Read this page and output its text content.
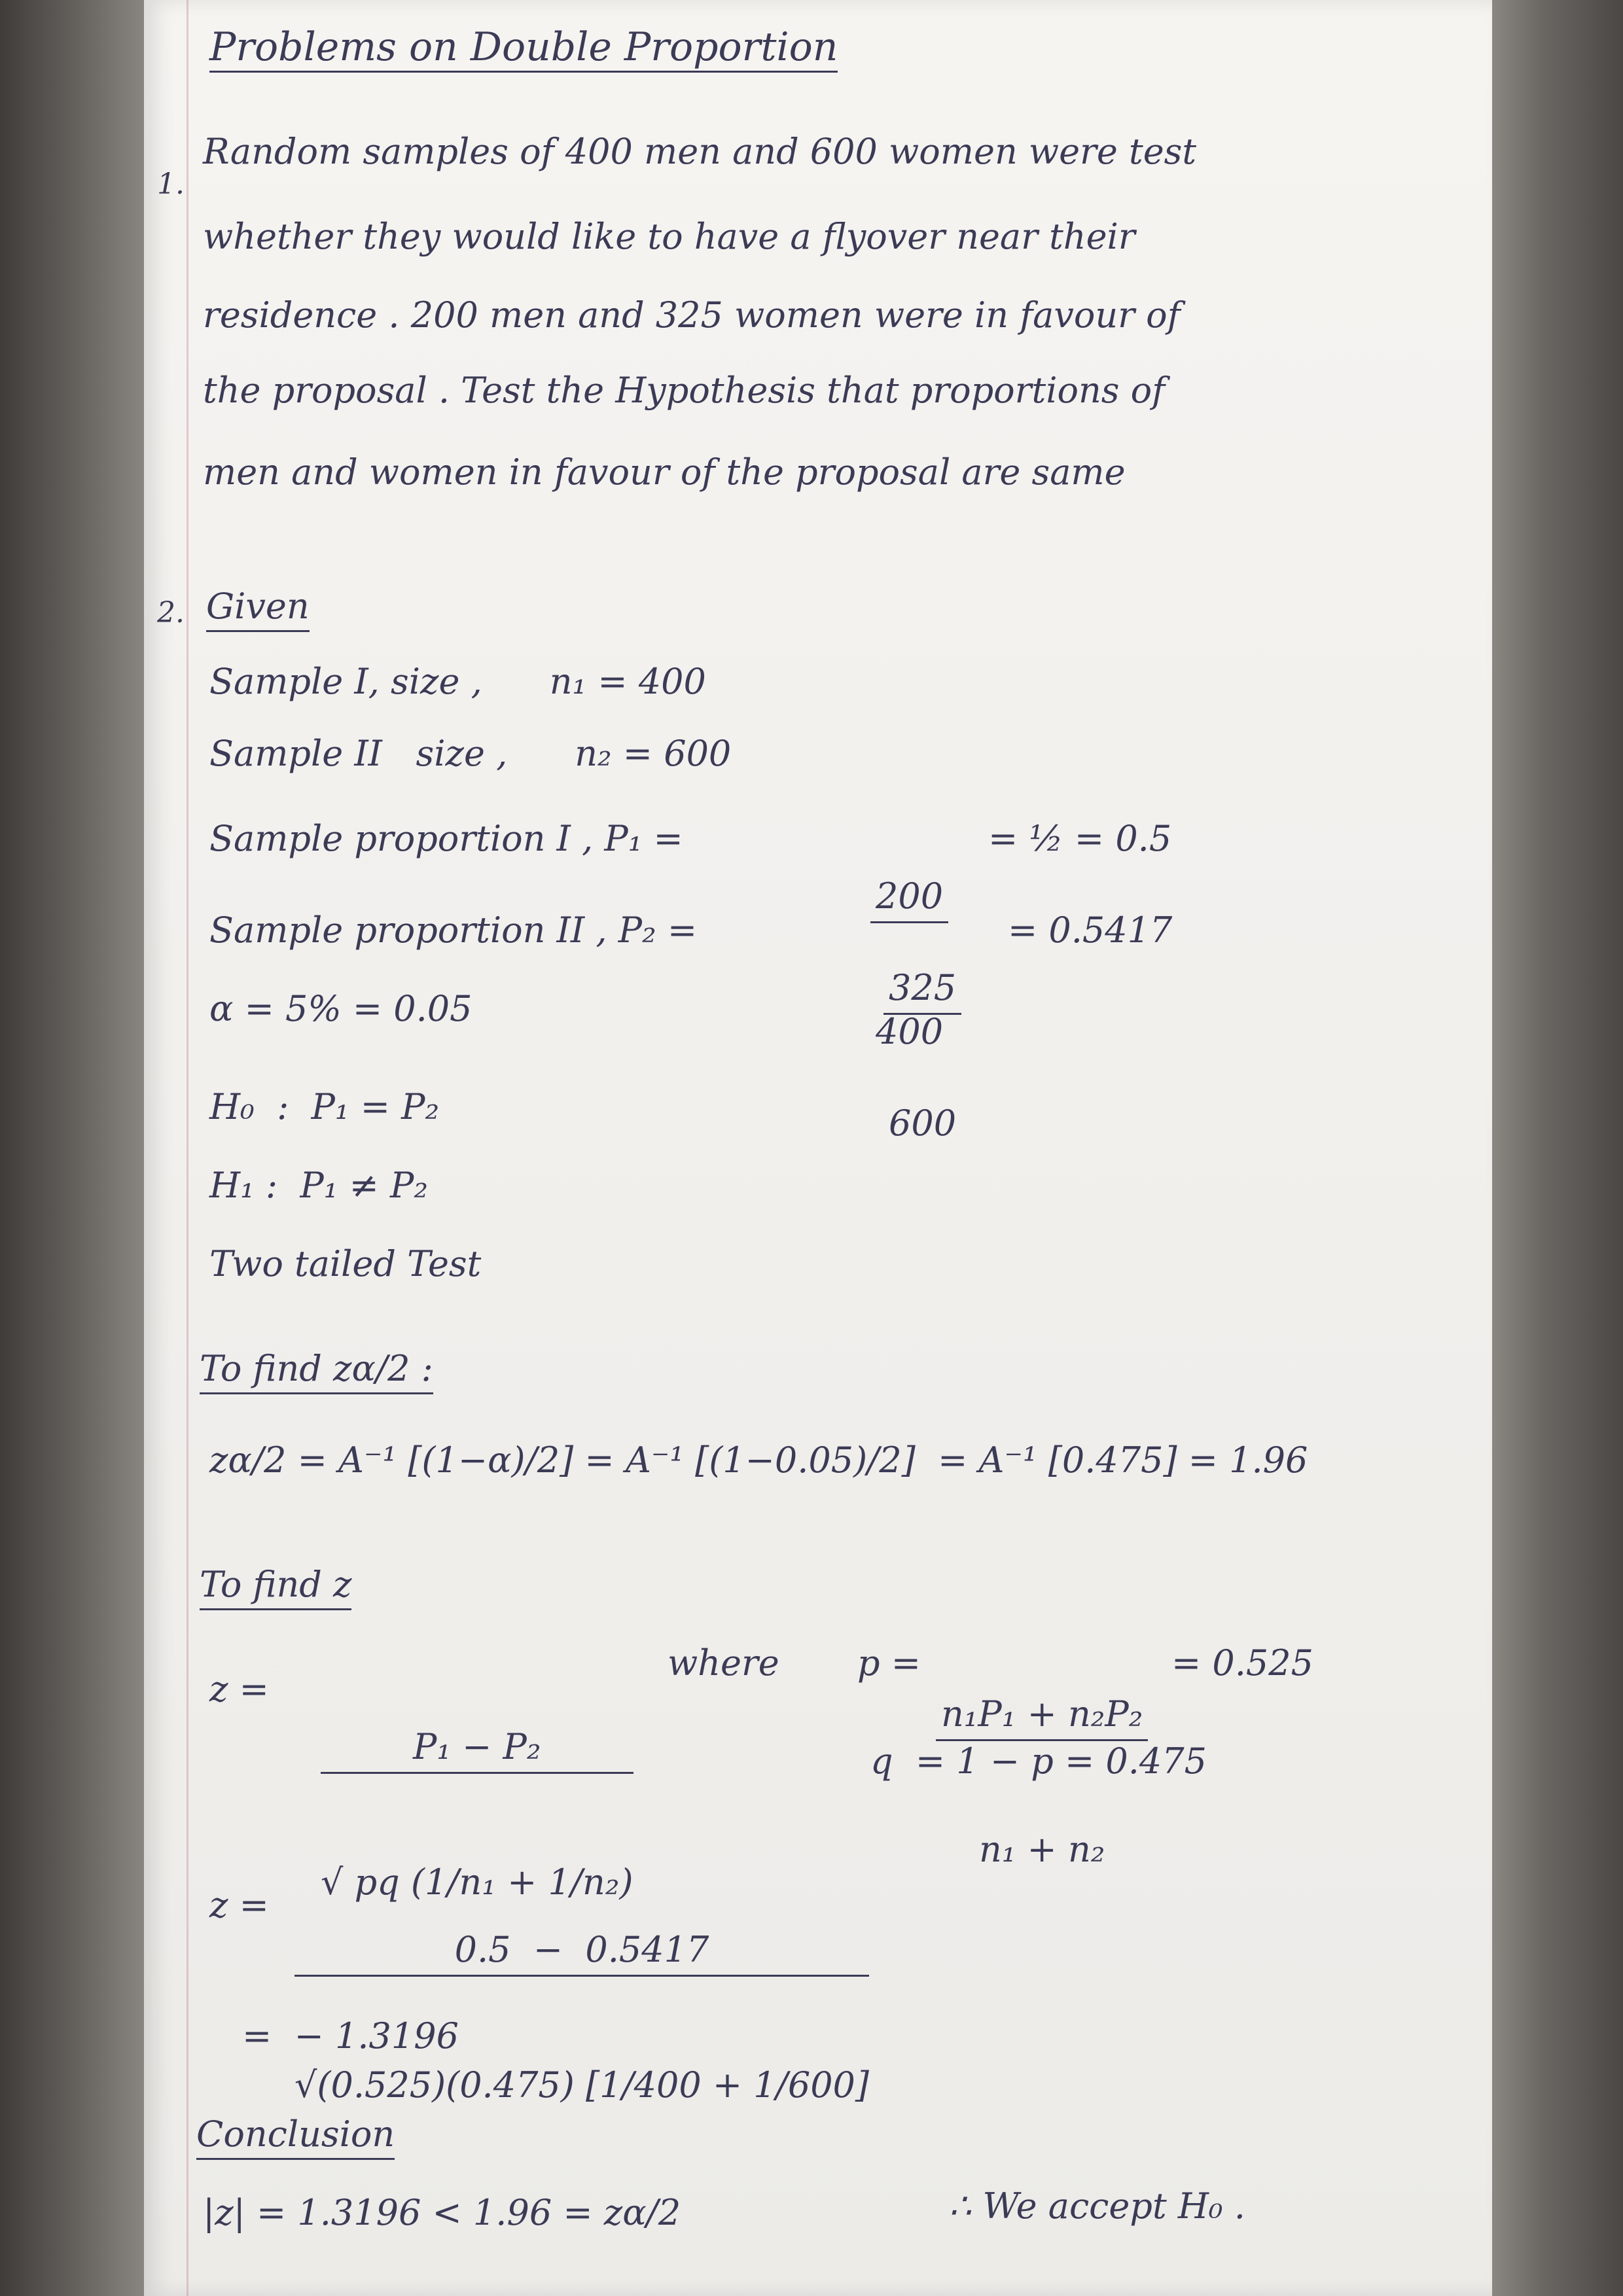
Problems on Double Proportion
1.
Random samples of 400 men and 600 women were test
whether they would like to have a flyover near their
residence . 200 men and 325 women were in favour of
the proposal . Test the Hypothesis that proportions of
men and women in favour of the proposal are same
2. Given
Sample I, size ,      n₁ = 400
Sample II   size ,      n₂ = 600
Sample proportion I , P₁ =

	$\frac{200}{400}$

= ½ = 0.5
Sample proportion II , P₂ =

	$\frac{325}{600}$

= 0.5417
α = 5% = 0.05
H₀  :  P₁ = P₂
H₁ :  P₁ ≠ P₂
Two tailed Test
To find zα/2 :
zα/2 = A⁻¹ [(1−α)/2] = A⁻¹ [(1−0.05)/2]  = A⁻¹ [0.475] = 1.96
To find z
z =

$\frac{\text{P₁ − P₂}}{\text{√ pq (1/n₁ + 1/n₂)}}$

where p =

$\frac{\text{n₁P₁ + n₂P₂}}{\text{n₁ + n₂}}$

= 0.525
q  = 1 − p = 0.475
z =

$\frac{0.5 - 0.5417}{√(0.525)(0.475) [1/400 + 1/600]}$

=  − 1.3196
Conclusion
|z| = 1.3196 < 1.96 = zα/2	∴ We accept H₀ .
